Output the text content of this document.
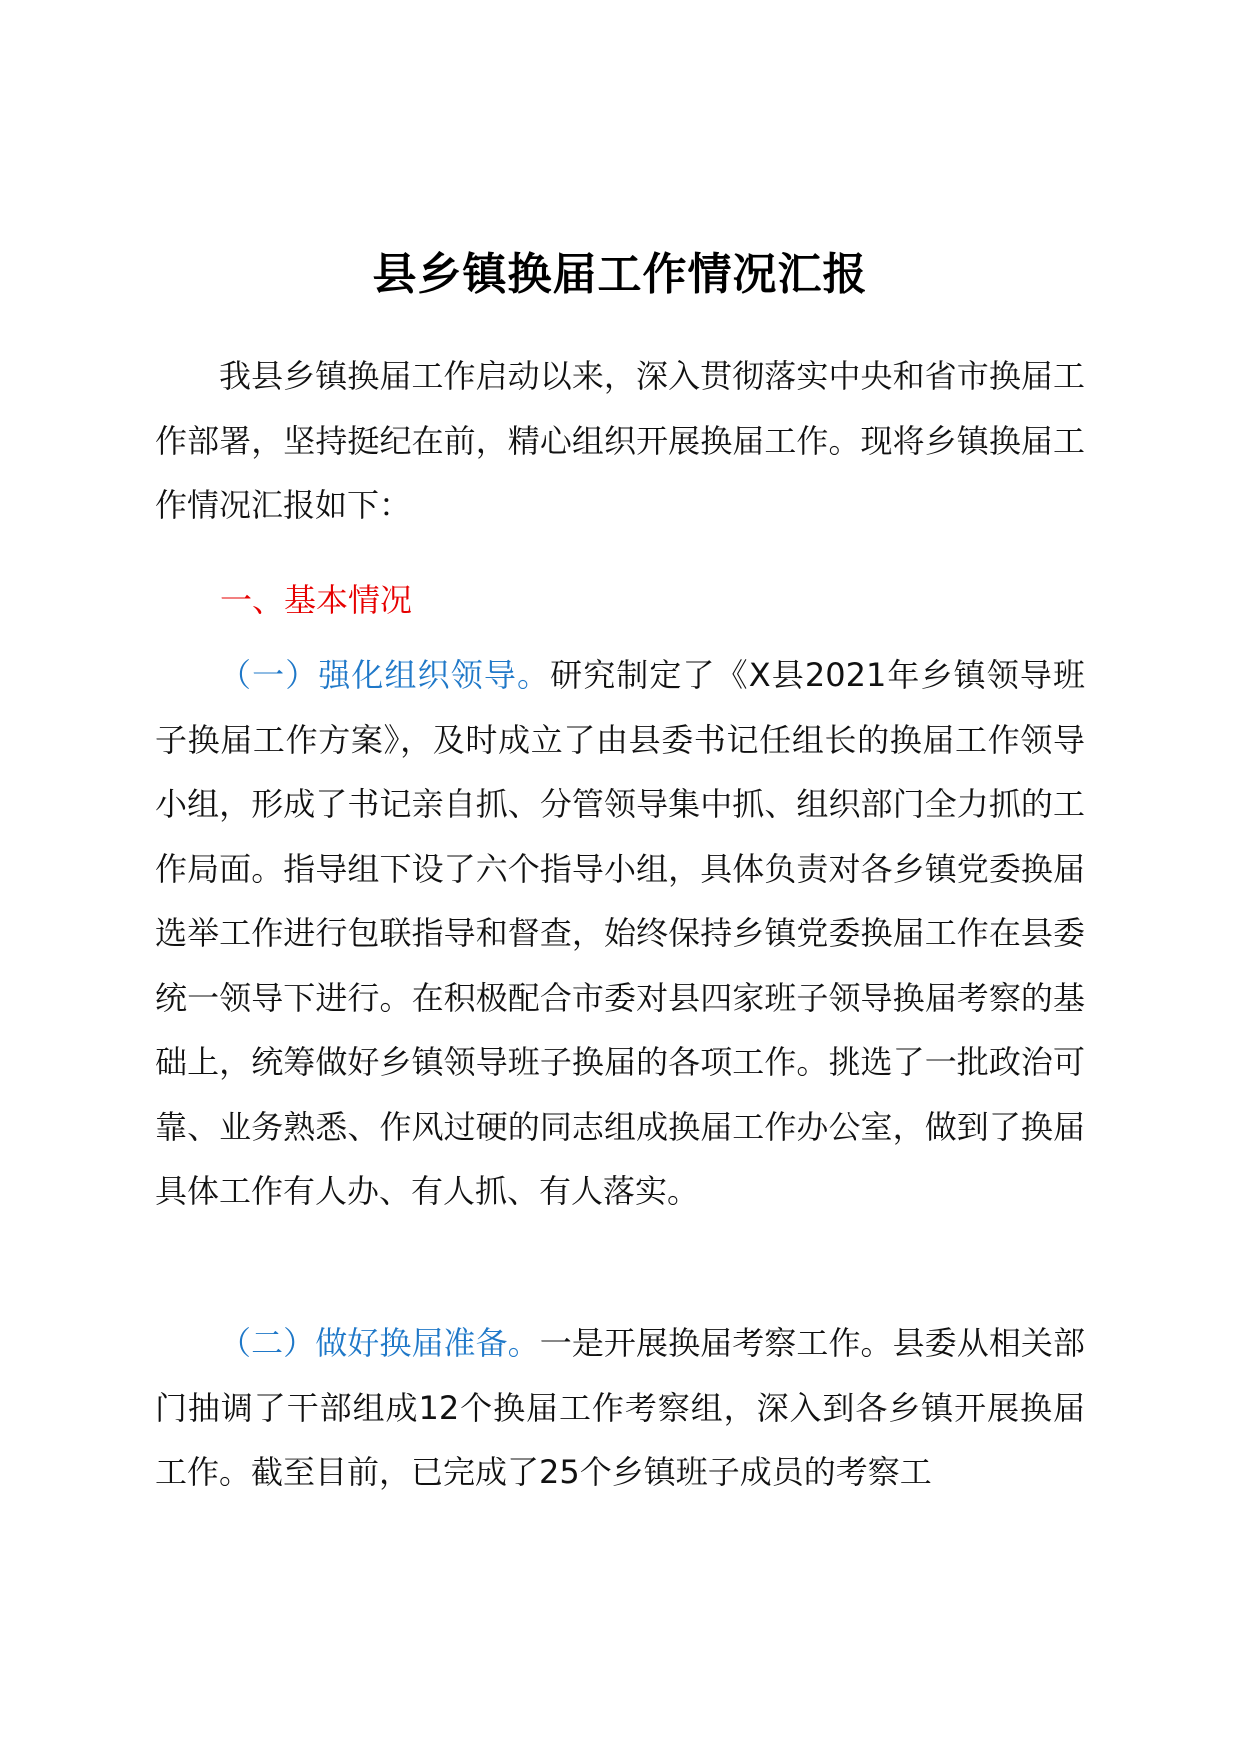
县乡镇换届工作情况汇报

我县乡镇换届工作启动以来，深入贯彻落实中央和省市换届工作部署，坚持挺纪在前，精心组织开展换届工作。现将乡镇换届工作情况汇报如下：

一、基本情况

（一）强化组织领导。研究制定了《X县2021年乡镇领导班子换届工作方案》，及时成立了由县委书记任组长的换届工作领导小组，形成了书记亲自抓、分管领导集中抓、组织部门全力抓的工作局面。指导组下设了六个指导小组，具体负责对各乡镇党委换届选举工作进行包联指导和督查，始终保持乡镇党委换届工作在县委统一领导下进行。在积极配合市委对县四家班子领导换届考察的基础上，统筹做好乡镇领导班子换届的各项工作。挑选了一批政治可靠、业务熟悉、作风过硬的同志组成换届工作办公室，做到了换届具体工作有人办、有人抓、有人落实。

（二）做好换届准备。一是开展换届考察工作。县委从相关部门抽调了干部组成12个换届工作考察组，深入到各乡镇开展换届工作。截至目前，已完成了25个乡镇班子成员的考察工
